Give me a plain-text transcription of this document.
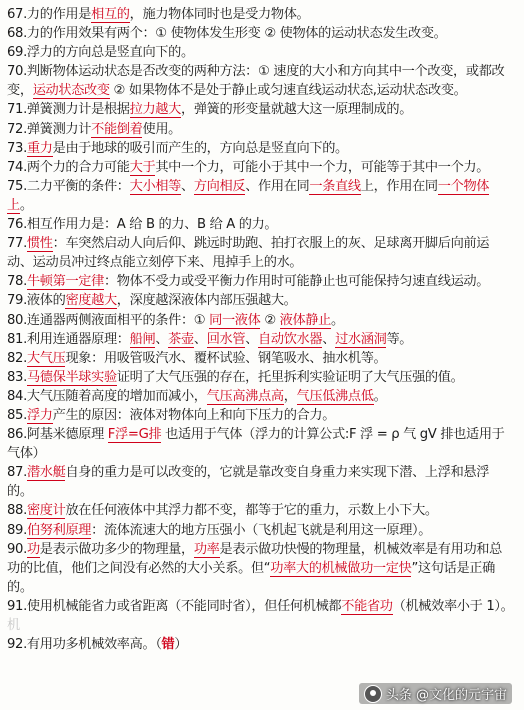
67.力的作用是相互的，施力物体同时也是受力物体。

68.力的作用效果有两个：① 使物体发生形变 ② 使物体的运动状态发生改变。

69.浮力的方向总是竖直向下的。

70.判断物体运动状态是否改变的两种方法：① 速度的大小和方向其中一个改变，或都改变，运动状态改变 ② 如果物体不是处于静止或匀速直线运动状态,运动状态改变。

71.弹簧测力计是根据拉力越大，弹簧的形变量就越大这一原理制成的。

72.弹簧测力计不能倒着使用。

73.重力是由于地球的吸引而产生的，方向总是竖直向下的。

74.两个力的合力可能大于其中一个力，可能小于其中一个力，可能等于其中一个力。

75.二力平衡的条件：大小相等、方向相反、作用在同一条直线上，作用在同一个物体上。

76.相互作用力是：A 给 B 的力、B 给 A 的力。

77.惯性：车突然启动人向后仰、跳远时助跑、拍打衣服上的灰、足球离开脚后向前运动、运动员冲过终点能立刻停下来、甩掉手上的水。

78.牛顿第一定律：物体不受力或受平衡力作用时可能静止也可能保持匀速直线运动。

79.液体的密度越大，深度越深液体内部压强越大。

80.连通器两侧液面相平的条件：① 同一液体 ② 液体静止。

81.利用连通器原理：船闸、茶壶、回水管、自动饮水器、过水涵洞等。

82.大气压现象：用吸管吸汽水、覆杯试验、钢笔吸水、抽水机等。

83.马德保半球实验证明了大气压强的存在，托里拆利实验证明了大气压强的值。

84.大气压随着高度的增加而减小，气压高沸点高，气压低沸点低。

85.浮力产生的原因：液体对物体向上和向下压力的合力。

86.阿基米德原理 F浮=G排 也适用于气体（浮力的计算公式:F 浮 = ρ 气 gV 排也适用于气体）

87.潜水艇自身的重力是可以改变的，它就是靠改变自身重力来实现下潜、上浮和悬浮的。

88.密度计放在任何液体中其浮力都不变，都等于它的重力，示数上小下大。

89.伯努利原理：流体流速大的地方压强小（飞机起飞就是利用这一原理）。

90.功是表示做功多少的物理量，功率是表示做功快慢的物理量，机械效率是有用功和总功的比值，他们之间没有必然的大小关系。但“功率大的机械做功一定快”这句话是正确的。

91.使用机械能省力或省距离（不能同时省），但任何机械都不能省功（机械效率小于 1）。机

92.有用功多机械效率高。（错）

头条 @文化的元宇宙
